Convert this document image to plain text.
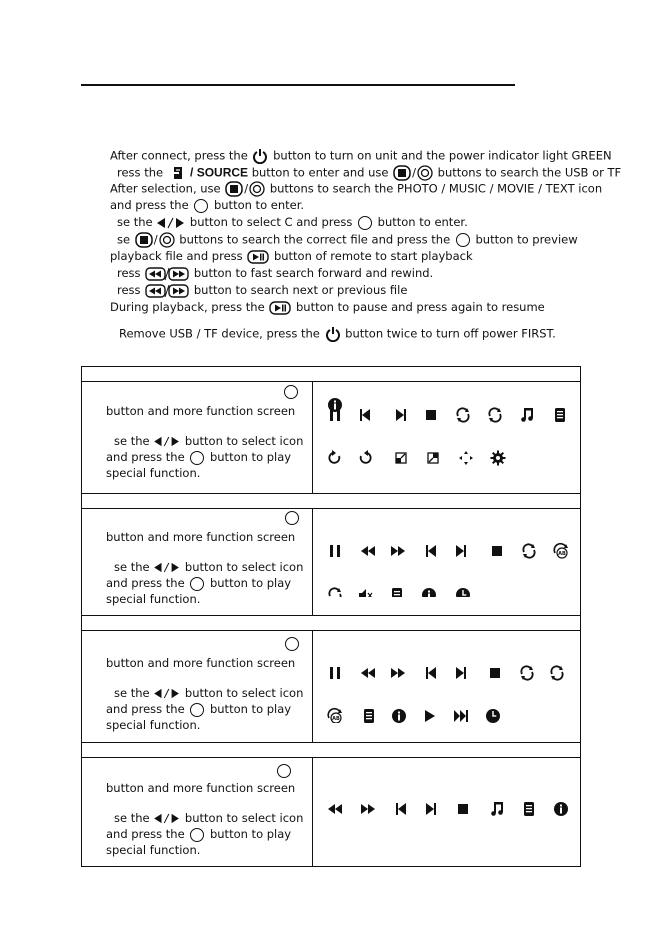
After connect, press the button to turn on unit and the power indicator light GREEN
ress the / SOURCE button to enter and use / buttons to search the USB or TF
After selection, use / buttons to search the PHOTO / MUSIC / MOVIE / TEXT icon
and press the button to enter.
se the	button to select C and press button to enter.
se / buttons to search the correct file and press the button to preview
playback file and press	button of remote to start playback
ress	button to fast search forward and rewind.
ress	button to search next or previous file
During playback, press the	button to pause and press again to resume
Remove USB / TF device, press the button twice to turn off power FIRST.
button and more function screen
se the	button to select icon
and press the button to play
special function.
button and more function screen
se the	button to select icon
and press the button to play
special function.
AB
button and more function screen
se the	button to select icon
and press the button to play
special function.	AB
button and more function screen
se the	button to select icon
and press the button to play
special function.
